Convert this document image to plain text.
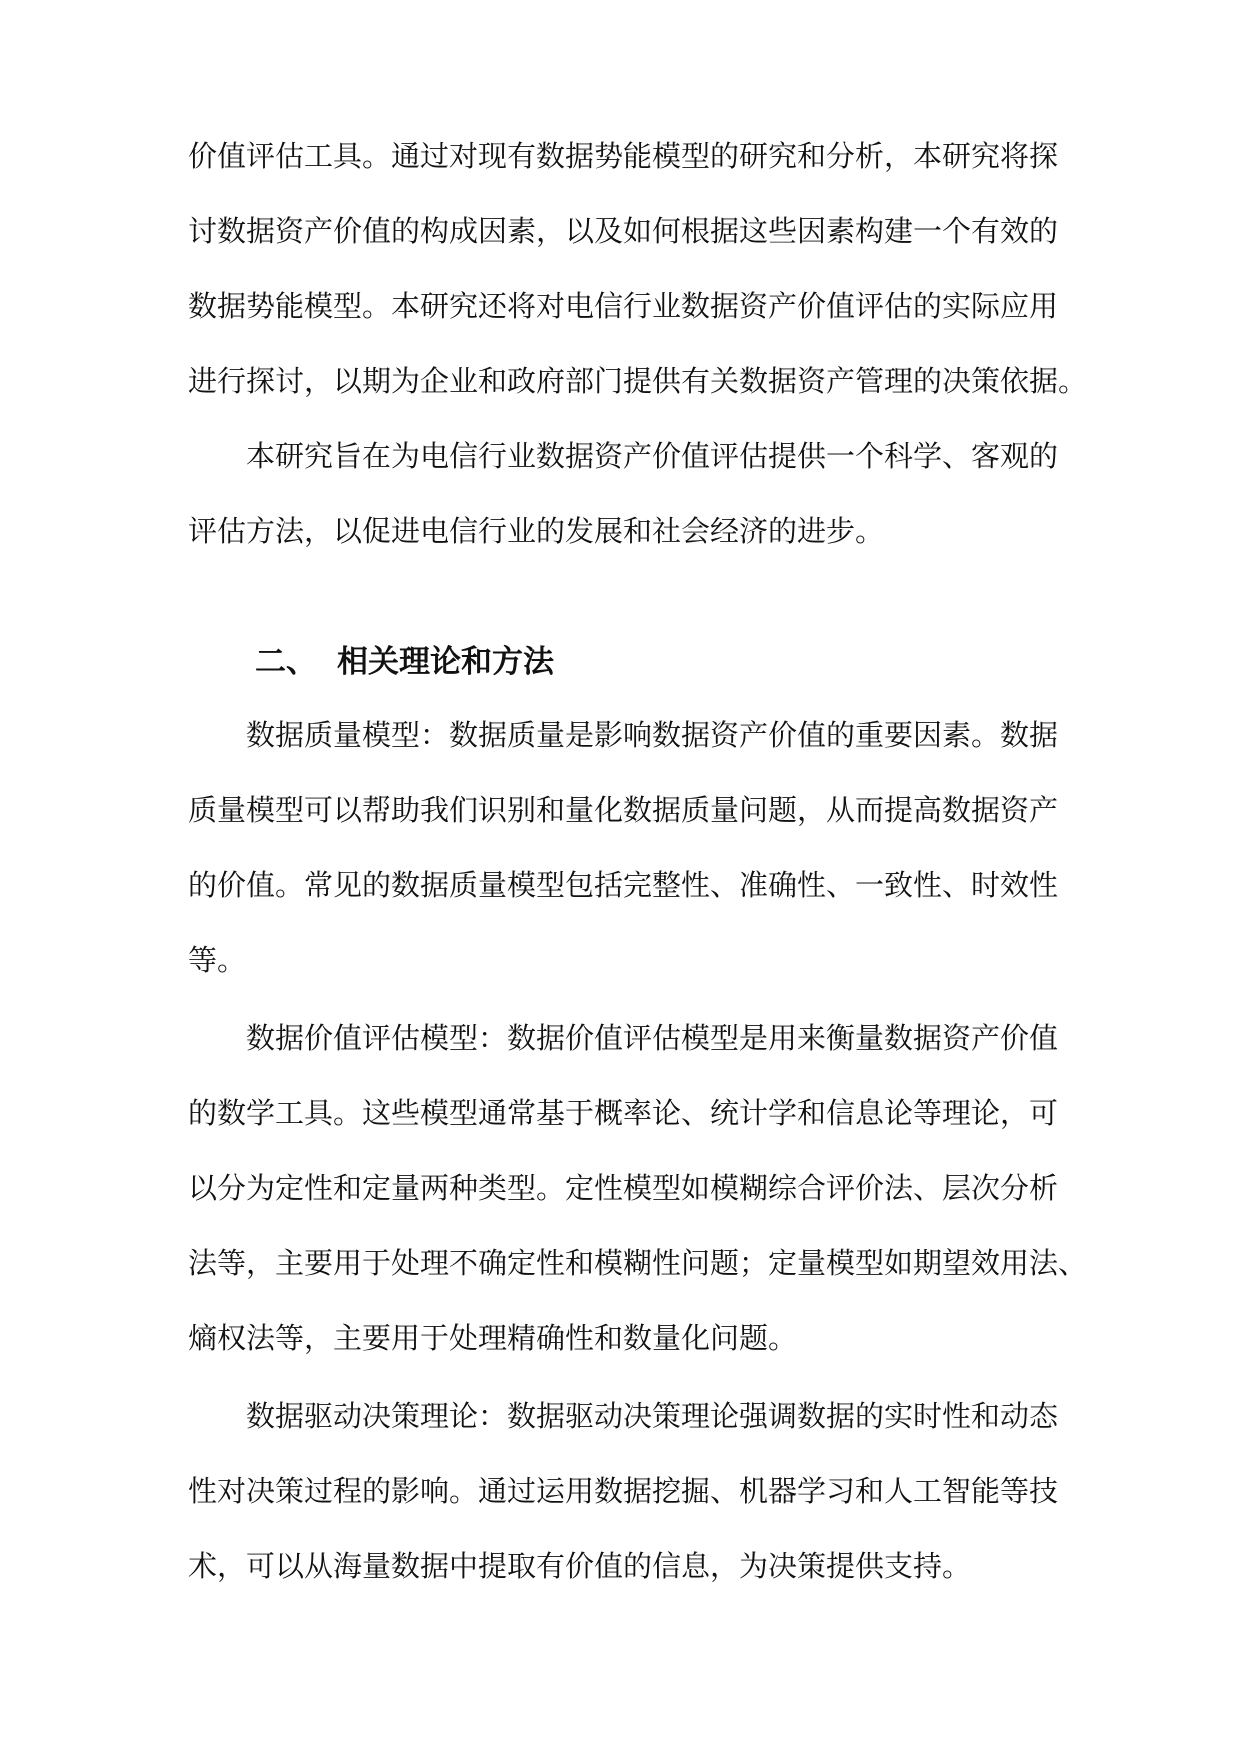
价值评估工具。通过对现有数据势能模型的研究和分析，本研究将探
讨数据资产价值的构成因素，以及如何根据这些因素构建一个有效的
数据势能模型。本研究还将对电信行业数据资产价值评估的实际应用
进行探讨，以期为企业和政府部门提供有关数据资产管理的决策依据。
本研究旨在为电信行业数据资产价值评估提供一个科学、客观的
评估方法，以促进电信行业的发展和社会经济的进步。
二、 相关理论和方法
数据质量模型：数据质量是影响数据资产价值的重要因素。数据
质量模型可以帮助我们识别和量化数据质量问题，从而提高数据资产
的价值。常见的数据质量模型包括完整性、准确性、一致性、时效性
等。
数据价值评估模型：数据价值评估模型是用来衡量数据资产价值
的数学工具。这些模型通常基于概率论、统计学和信息论等理论，可
以分为定性和定量两种类型。定性模型如模糊综合评价法、层次分析
法等，主要用于处理不确定性和模糊性问题；定量模型如期望效用法、
熵权法等，主要用于处理精确性和数量化问题。
数据驱动决策理论：数据驱动决策理论强调数据的实时性和动态
性对决策过程的影响。通过运用数据挖掘、机器学习和人工智能等技
术，可以从海量数据中提取有价值的信息，为决策提供支持。
